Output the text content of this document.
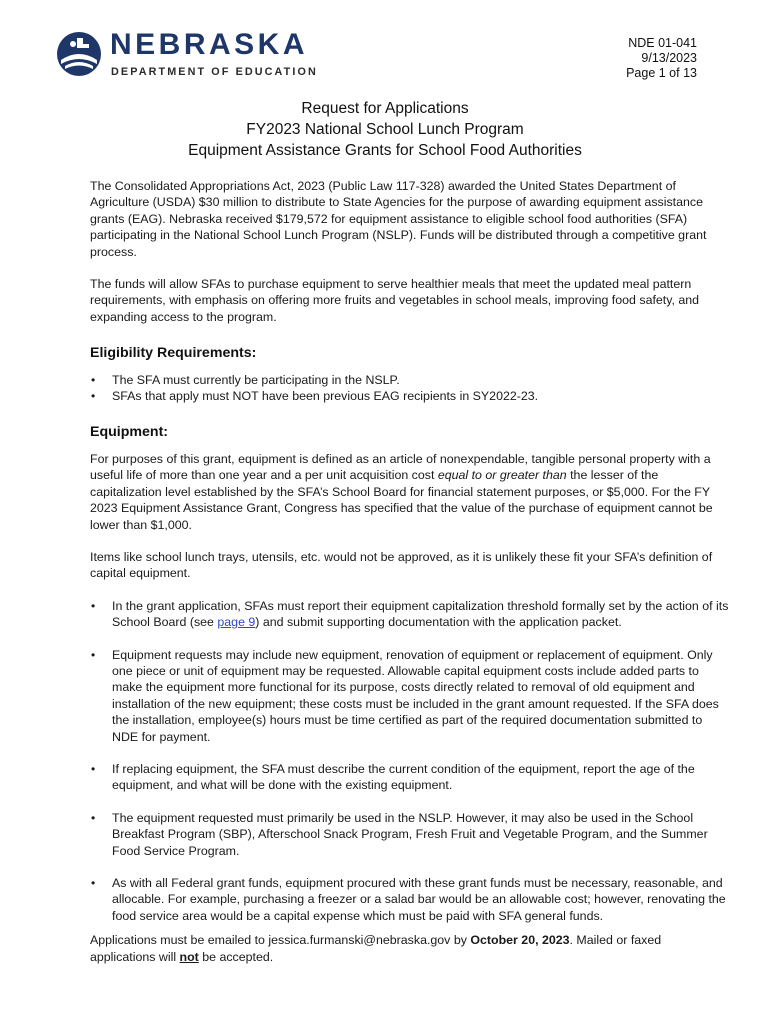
NEBRASKA
DEPARTMENT OF EDUCATION
NDE 01-041
9/13/2023
Page 1 of 13
Request for Applications
FY2023 National School Lunch Program
Equipment Assistance Grants for School Food Authorities

The Consolidated Appropriations Act, 2023 (Public Law 117-328) awarded the United States Department of Agriculture (USDA) $30 million to distribute to State Agencies for the purpose of awarding equipment assistance grants (EAG). Nebraska received $179,572 for equipment assistance to eligible school food authorities (SFA) participating in the National School Lunch Program (NSLP). Funds will be distributed through a competitive grant process.

The funds will allow SFAs to purchase equipment to serve healthier meals that meet the updated meal pattern requirements, with emphasis on offering more fruits and vegetables in school meals, improving food safety, and expanding access to the program.

Eligibility Requirements:
• The SFA must currently be participating in the NSLP.
• SFAs that apply must NOT have been previous EAG recipients in SY2022-23.
Equipment:

For purposes of this grant, equipment is defined as an article of nonexpendable, tangible personal property with a useful life of more than one year and a per unit acquisition cost equal to or greater than the lesser of the capitalization level established by the SFA’s School Board for financial statement purposes, or $5,000. For the FY 2023 Equipment Assistance Grant, Congress has specified that the value of the purchase of equipment cannot be lower than $1,000.

Items like school lunch trays, utensils, etc. would not be approved, as it is unlikely these fit your SFA’s definition of capital equipment.

• In the grant application, SFAs must report their equipment capitalization threshold formally set by the action of its School Board (see page 9) and submit supporting documentation with the application packet.
• Equipment requests may include new equipment, renovation of equipment or replacement of equipment. Only one piece or unit of equipment may be requested. Allowable capital equipment costs include added parts to make the equipment more functional for its purpose, costs directly related to removal of old equipment and installation of the new equipment; these costs must be included in the grant amount requested. If the SFA does the installation, employee(s) hours must be time certified as part of the required documentation submitted to NDE for payment.
• If replacing equipment, the SFA must describe the current condition of the equipment, report the age of the equipment, and what will be done with the existing equipment.
• The equipment requested must primarily be used in the NSLP. However, it may also be used in the School Breakfast Program (SBP), Afterschool Snack Program, Fresh Fruit and Vegetable Program, and the Summer Food Service Program.
• As with all Federal grant funds, equipment procured with these grant funds must be necessary, reasonable, and allocable. For example, purchasing a freezer or a salad bar would be an allowable cost; however, renovating the food service area would be a capital expense which must be paid with SFA general funds.

Applications must be emailed to jessica.furmanski@nebraska.gov by October 20, 2023. Mailed or faxed applications will not be accepted.
